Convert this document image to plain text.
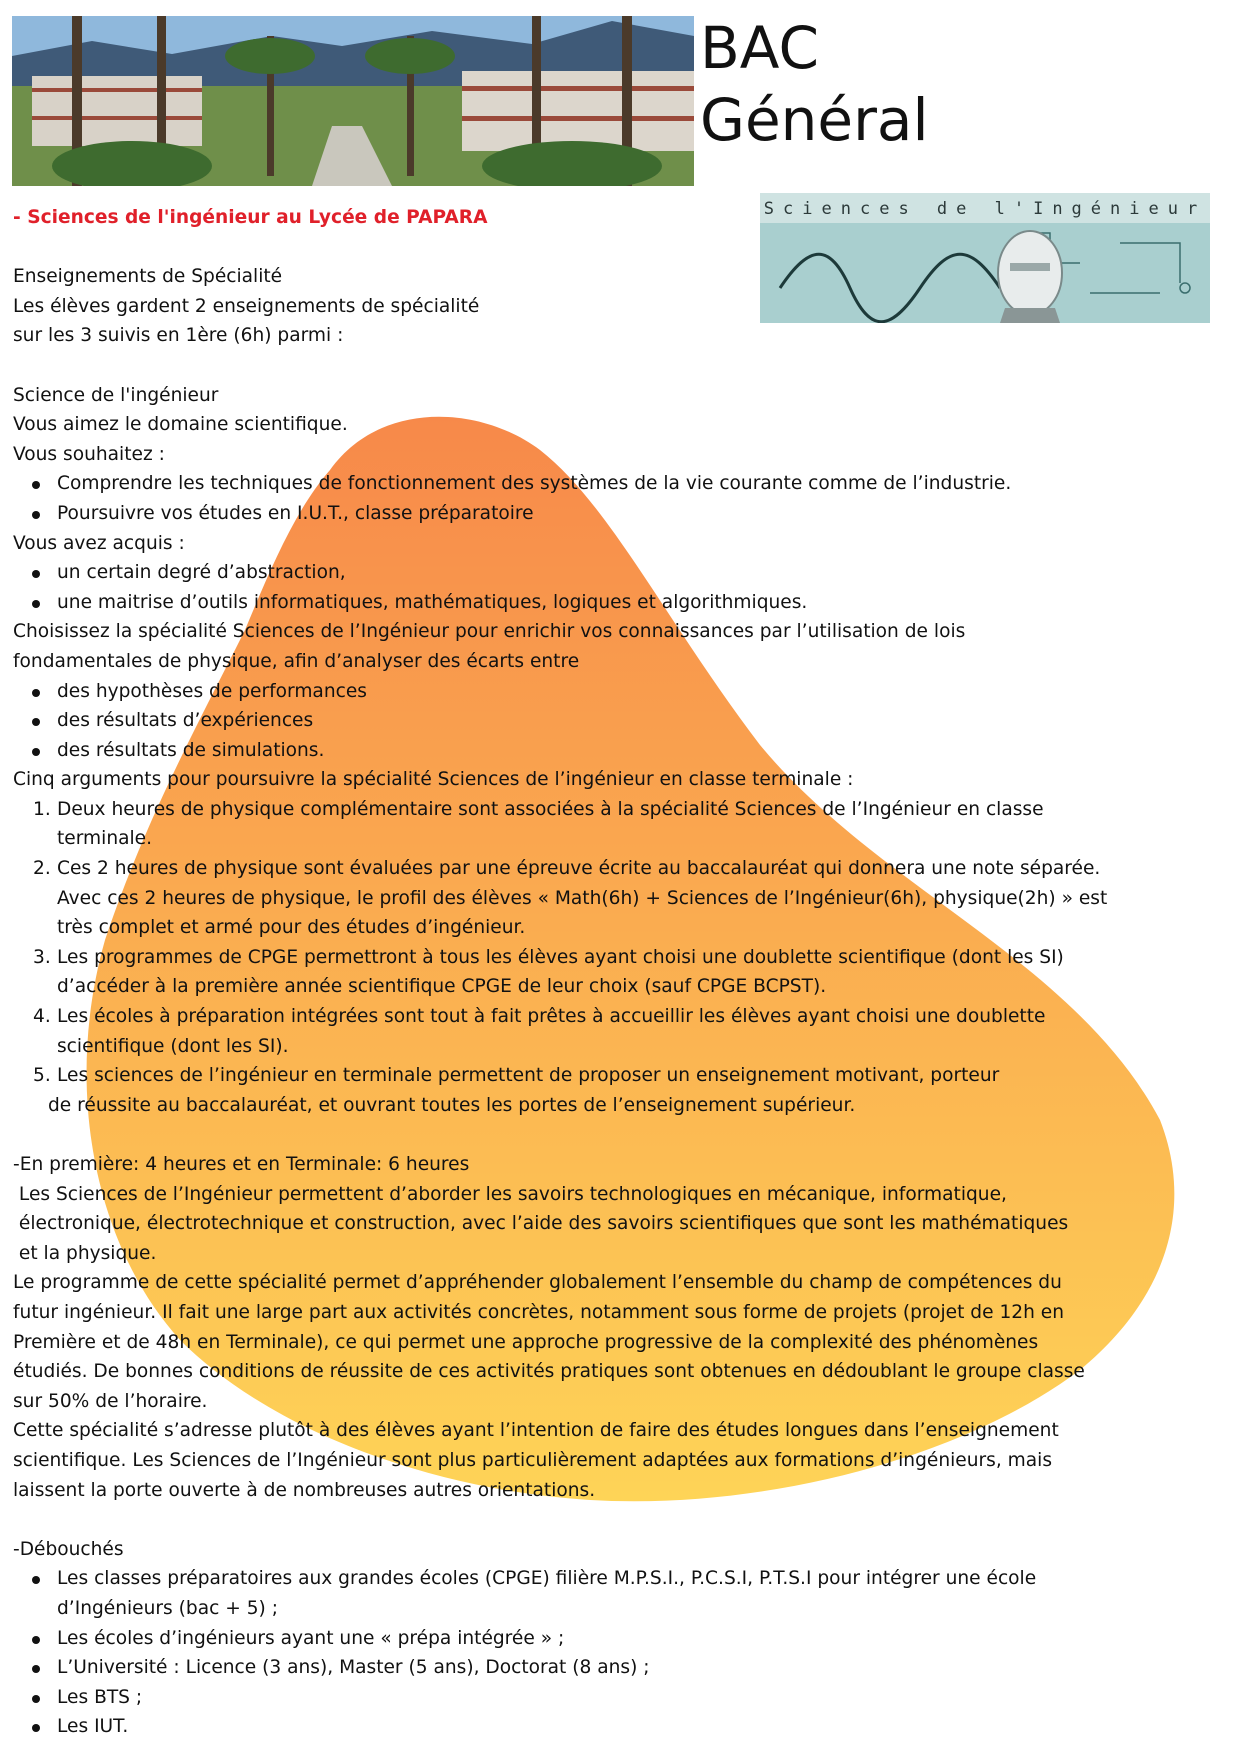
BAC
Général
Sciences de l'Ingénieur

- Sciences de l'ingénieur au Lycée de PAPARA

Enseignements de Spécialité

Les élèves gardent 2 enseignements de spécialité

sur les 3 suivis en 1ère (6h) parmi :

Science de l'ingénieur

Vous aimez le domaine scientifique.

Vous souhaitez :

Comprendre les techniques de fonctionnement des systèmes de la vie courante comme de l’industrie.
Poursuivre vos études en I.U.T., classe préparatoire

Vous avez acquis :

un certain degré d’abstraction,
une maitrise d’outils informatiques, mathématiques, logiques et algorithmiques.

Choisissez la spécialité Sciences de l’Ingénieur pour enrichir vos connaissances par l’utilisation de lois

fondamentales de physique, afin d’analyser des écarts entre

des hypothèses de performances
des résultats d’expériences
des résultats de simulations.

Cinq arguments pour poursuivre la spécialité Sciences de l’ingénieur en classe terminale :

1. Deux heures de physique complémentaire sont associées à la spécialité Sciences de l’Ingénieur en classe
terminale.
2. Ces 2 heures de physique sont évaluées par une épreuve écrite au baccalauréat qui donnera une note séparée.
Avec ces 2 heures de physique, le profil des élèves « Math(6h) + Sciences de l’Ingénieur(6h), physique(2h) » est
très complet et armé pour des études d’ingénieur.
3. Les programmes de CPGE permettront à tous les élèves ayant choisi une doublette scientifique (dont les SI)
d’accéder à la première année scientifique CPGE de leur choix (sauf CPGE BCPST).
4. Les écoles à préparation intégrées sont tout à fait prêtes à accueillir les élèves ayant choisi une doublette
scientifique (dont les SI).
5. Les sciences de l’ingénieur en terminale permettent de proposer un enseignement motivant, porteur
de réussite au baccalauréat, et ouvrant toutes les portes de l’enseignement supérieur.

-En première: 4 heures et en Terminale: 6 heures

Les Sciences de l’Ingénieur permettent d’aborder les savoirs technologiques en mécanique, informatique,

électronique, électrotechnique et construction, avec l’aide des savoirs scientifiques que sont les mathématiques

et la physique.

Le programme de cette spécialité permet d’appréhender globalement l’ensemble du champ de compétences du

futur ingénieur. Il fait une large part aux activités concrètes, notamment sous forme de projets (projet de 12h en

Première et de 48h en Terminale), ce qui permet une approche progressive de la complexité des phénomènes

étudiés. De bonnes conditions de réussite de ces activités pratiques sont obtenues en dédoublant le groupe classe

sur 50% de l’horaire.

Cette spécialité s’adresse plutôt à des élèves ayant l’intention de faire des études longues dans l’enseignement

scientifique. Les Sciences de l’Ingénieur sont plus particulièrement adaptées aux formations d’ingénieurs, mais

laissent la porte ouverte à de nombreuses autres orientations.

-Débouchés

Les classes préparatoires aux grandes écoles (CPGE) filière M.P.S.I., P.C.S.I, P.T.S.I pour intégrer une école
d’Ingénieurs (bac + 5) ;
Les écoles d’ingénieurs ayant une « prépa intégrée » ;
L’Université : Licence (3 ans), Master (5 ans), Doctorat (8 ans) ;
Les BTS ;
Les IUT.
